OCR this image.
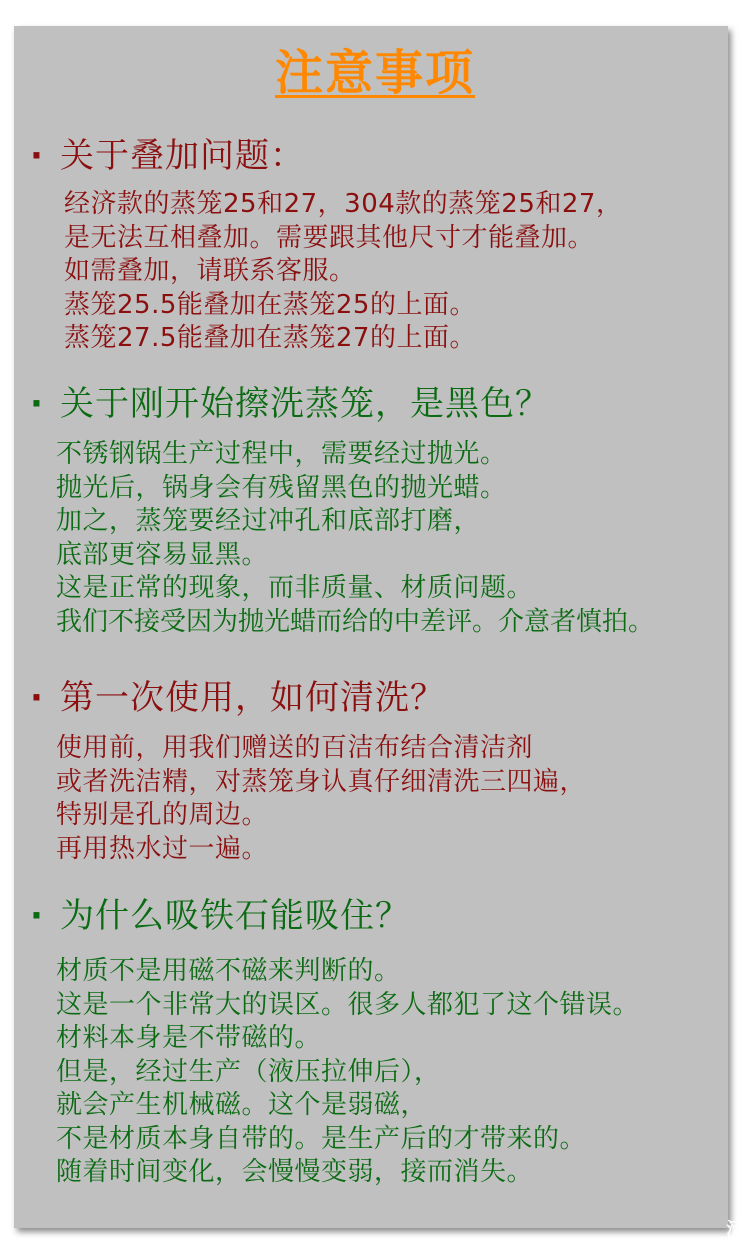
注意事项
· 关于叠加问题：
经济款的蒸笼25和27，304款的蒸笼25和27，
是无法互相叠加。需要跟其他尺寸才能叠加。
如需叠加，请联系客服。
蒸笼25.5能叠加在蒸笼25的上面。
蒸笼27.5能叠加在蒸笼27的上面。
· 关于刚开始擦洗蒸笼，是黑色？
不锈钢锅生产过程中，需要经过抛光。
抛光后，锅身会有残留黑色的抛光蜡。
加之，蒸笼要经过冲孔和底部打磨，
底部更容易显黑。
这是正常的现象，而非质量、材质问题。
我们不接受因为抛光蜡而给的中差评。介意者慎拍。
· 第一次使用，如何清洗？
使用前，用我们赠送的百洁布结合清洁剂
或者洗洁精，对蒸笼身认真仔细清洗三四遍，
特别是孔的周边。
再用热水过一遍。
· 为什么吸铁石能吸住？
材质不是用磁不磁来判断的。
这是一个非常大的误区。很多人都犯了这个错误。
材料本身是不带磁的。
但是，经过生产（液压拉伸后），
就会产生机械磁。这个是弱磁，
不是材质本身自带的。是生产后的才带来的。
随着时间变化，会慢慢变弱，接而消失。
酒
